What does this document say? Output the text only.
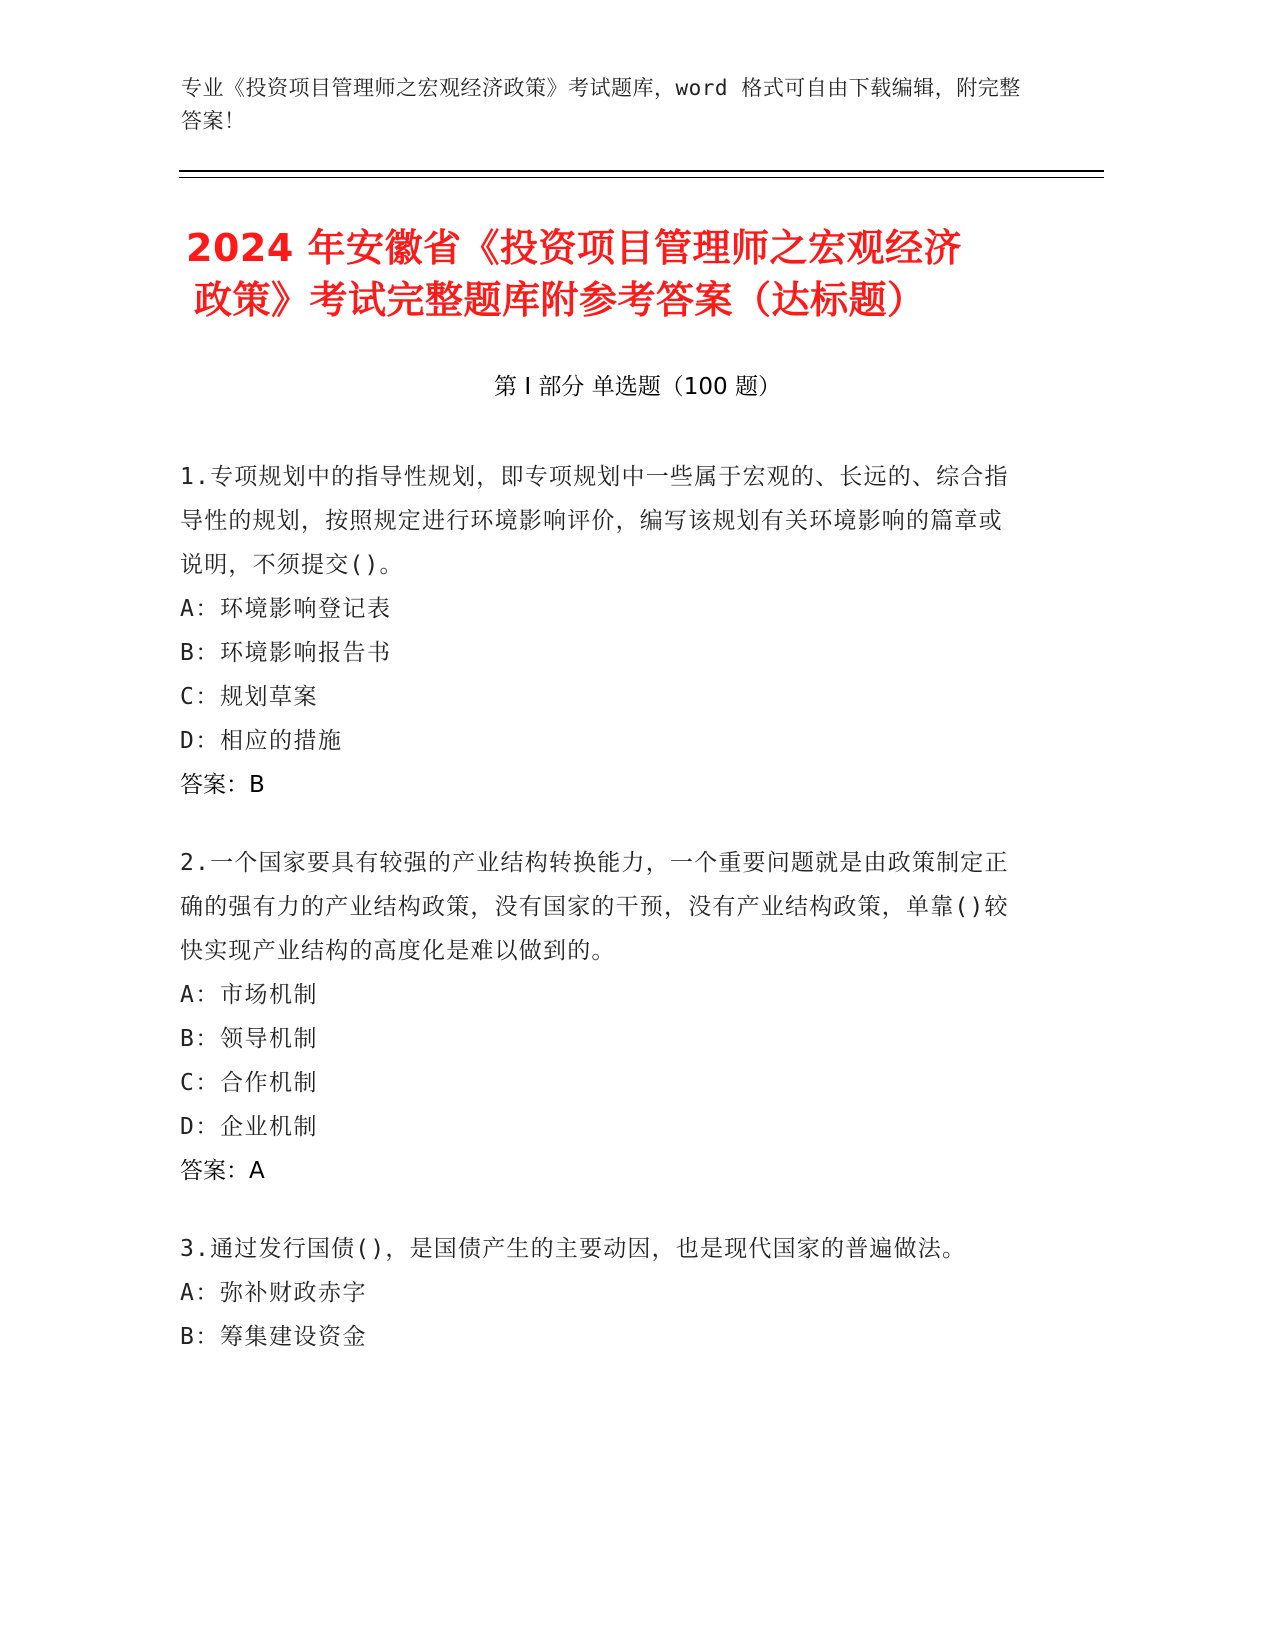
专业《投资项目管理师之宏观经济政策》考试题库，word 格式可自由下载编辑，附完整答案！
2024 年安徽省《投资项目管理师之宏观经济
政策》考试完整题库附参考答案（达标题）
第 I 部分 单选题（100 题）
1.专项规划中的指导性规划，即专项规划中一些属于宏观的、长远的、综合指导性的规划，按照规定进行环境影响评价，编写该规划有关环境影响的篇章或说明，不须提交()。
A：环境影响登记表
B：环境影响报告书
C：规划草案
D：相应的措施
答案：B
2.一个国家要具有较强的产业结构转换能力，一个重要问题就是由政策制定正确的强有力的产业结构政策，没有国家的干预，没有产业结构政策，单靠()较快实现产业结构的高度化是难以做到的。
A：市场机制
B：领导机制
C：合作机制
D：企业机制
答案：A
3.通过发行国债()，是国债产生的主要动因，也是现代国家的普遍做法。
A：弥补财政赤字
B：筹集建设资金
